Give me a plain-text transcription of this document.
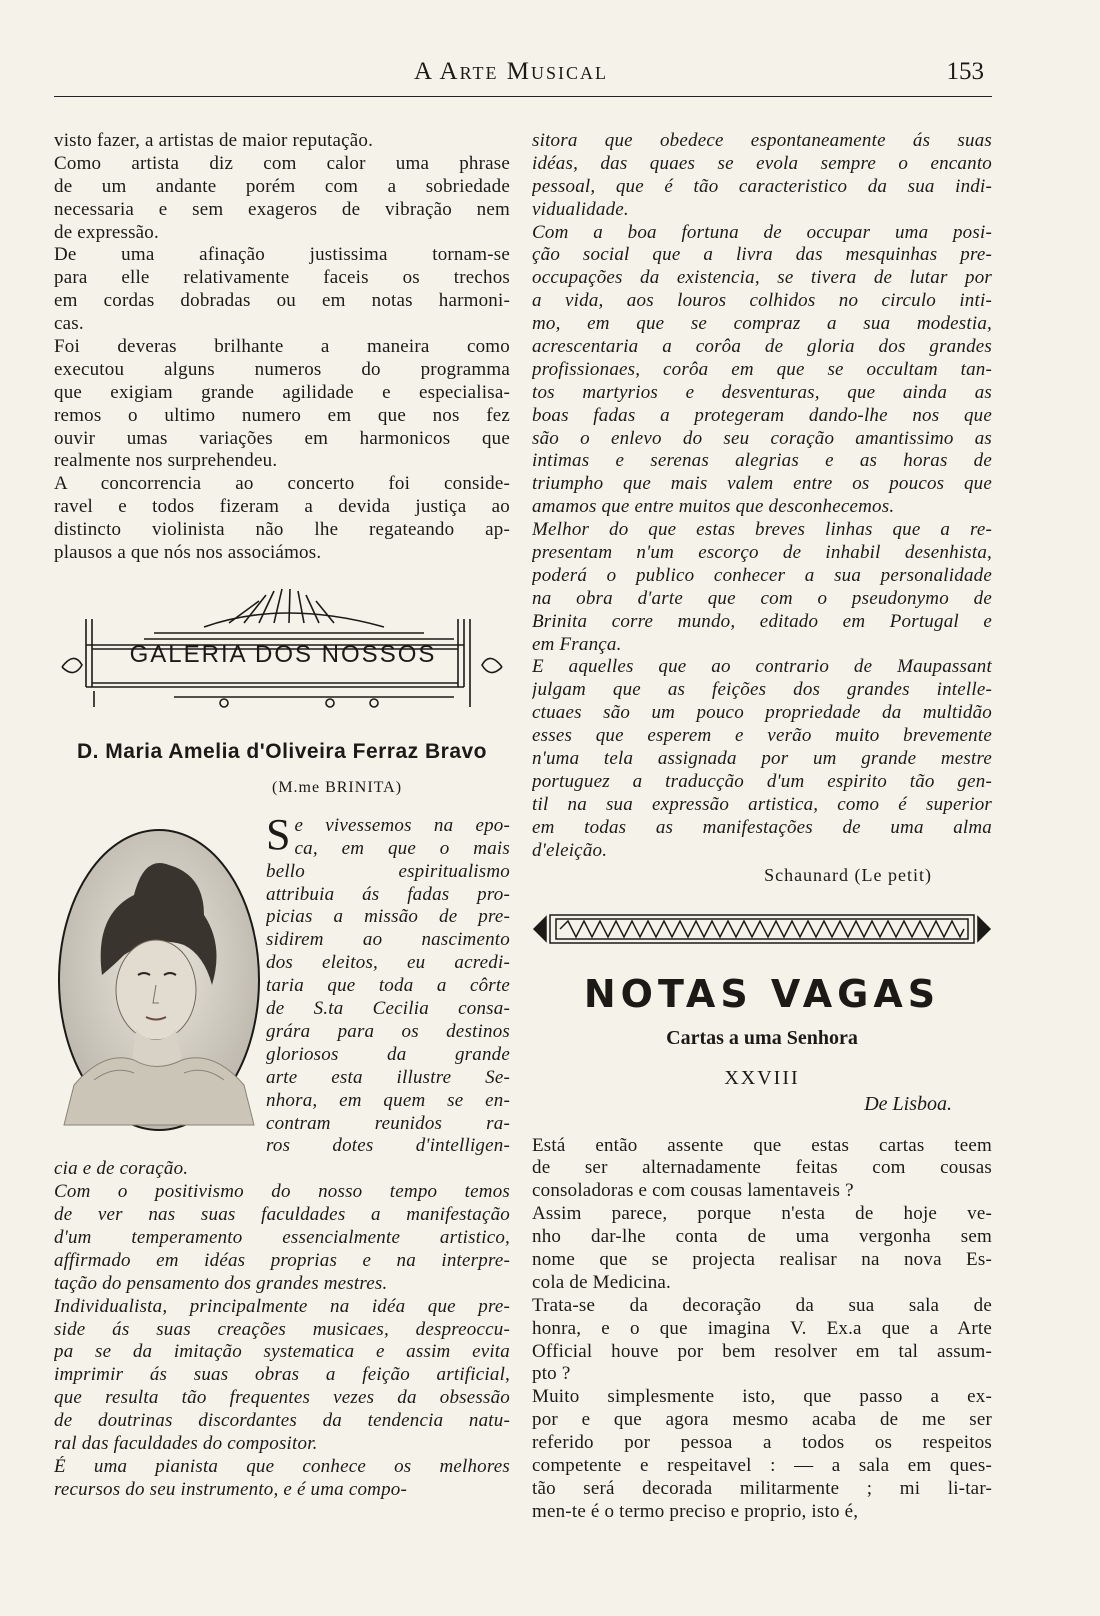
A Arte Musical	153
visto fazer, a artistas de maior reputação.
Como artista diz com calor uma phrase
de um andante porém com a sobriedade
necessaria e sem exageros de vibração nem
de expressão.
De uma afinação justissima tornam-se
para elle relativamente faceis os trechos
em cordas dobradas ou em notas harmoni-
cas.
Foi deveras brilhante a maneira como
executou alguns numeros do programma
que exigiam grande agilidade e especialisa-
remos o ultimo numero em que nos fez
ouvir umas variações em harmonicos que
realmente nos surprehendeu.
A concorrencia ao concerto foi conside-
ravel e todos fizeram a devida justiça ao
distincto violinista não lhe regateando ap-
plausos a que nós nos associámos.
GALERIA DOS NOSSOS
D. Maria Amelia d'Oliveira Ferraz Bravo
(M.me BRINITA)
S e vivessemos na epo-
ca, em que o mais
bello espiritualismo
attribuia ás fadas pro-
picias a missão de pre-
sidirem ao nascimento
dos eleitos, eu acredi-
taria que toda a côrte
de S.ta Cecilia consa-
grára para os destinos
gloriosos da grande
arte esta illustre Se-
nhora, em quem se en-
contram reunidos ra-
ros dotes d'intelligen-
cia e de coração.
Com o positivismo do nosso tempo temos
de ver nas suas faculdades a manifestação
d'um temperamento essencialmente artistico,
affirmado em idéas proprias e na interpre-
tação do pensamento dos grandes mestres.
Individualista, principalmente na idéa que pre-
side ás suas creações musicaes, despreoccu-
pa se da imitação systematica e assim evita
imprimir ás suas obras a feição artificial,
que resulta tão frequentes vezes da obsessão
de doutrinas discordantes da tendencia natu-
ral das faculdades do compositor.
É uma pianista que conhece os melhores
recursos do seu instrumento, e é uma compo-
sitora que obedece espontaneamente ás suas
idéas, das quaes se evola sempre o encanto
pessoal, que é tão caracteristico da sua indi-
vidualidade.
Com a boa fortuna de occupar uma posi-
ção social que a livra das mesquinhas pre-
occupações da existencia, se tivera de lutar por
a vida, aos louros colhidos no circulo inti-
mo, em que se compraz a sua modestia,
acrescentaria a corôa de gloria dos grandes
profissionaes, corôa em que se occultam tan-
tos martyrios e desventuras, que ainda as
boas fadas a protegeram dando-lhe nos que
são o enlevo do seu coração amantissimo as
intimas e serenas alegrias e as horas de
triumpho que mais valem entre os poucos que
amamos que entre muitos que desconhecemos.
Melhor do que estas breves linhas que a re-
presentam n'um escorço de inhabil desenhista,
poderá o publico conhecer a sua personalidade
na obra d'arte que com o pseudonymo de
Brinita corre mundo, editado em Portugal e
em França.
E aquelles que ao contrario de Maupassant
julgam que as feições dos grandes intelle-
ctuaes são um pouco propriedade da multidão
esses que esperem e verão muito brevemente
n'uma tela assignada por um grande mestre
portuguez a traducção d'um espirito tão gen-
til na sua expressão artistica, como é superior
em todas as manifestações de uma alma
d'eleição.
Schaunard (Le petit)
NOTAS VAGAS
Cartas a uma Senhora
XXVIII
De Lisboa.
Está então assente que estas cartas teem
de ser alternadamente feitas com cousas
consoladoras e com cousas lamentaveis ?
Assim parece, porque n'esta de hoje ve-
nho dar-lhe conta de uma vergonha sem
nome que se projecta realisar na nova Es-
cola de Medicina.
Trata-se da decoração da sua sala de
honra, e o que imagina V. Ex.a que a Arte
Official houve por bem resolver em tal assum-
pto ?
Muito simplesmente isto, que passo a ex-
por e que agora mesmo acaba de me ser
referido por pessoa a todos os respeitos
competente e respeitavel : — a sala em ques-
tão será decorada militarmente ; mi li-tar-
men-te é o termo preciso e proprio, isto é,
